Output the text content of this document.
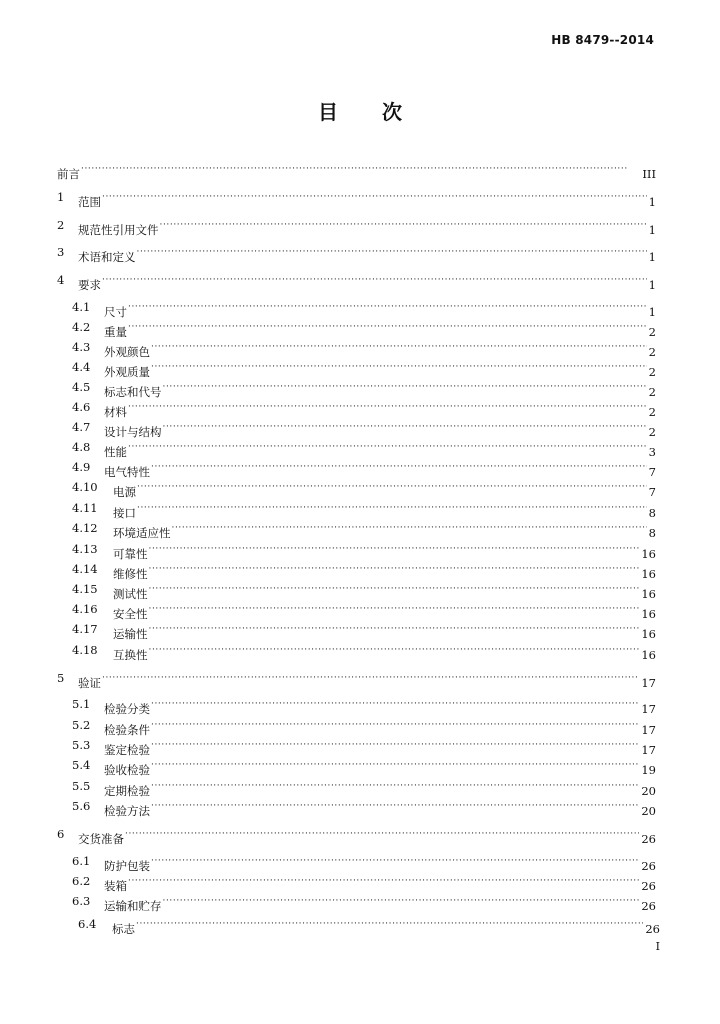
HB 8479--2014
目 次
前言 ·····	III
1 范围 ·····	1
2 规范性引用文件 ·····	1
3 术语和定义 ·····	1
4 要求 ·····	1
4.1 尺寸 ·····	1
4.2 重量 ·····	2
4.3 外观颜色 ·····	2
4.4 外观质量 ·····	2
4.5 标志和代号 ·····	2
4.6 材料 ·····	2
4.7 设计与结构 ·····	2
4.8 性能 ·····	3
4.9 电气特性 ·····	7
4.10 电源 ·····	7
4.11 接口 ·····	8
4.12 环境适应性 ·····	8
4.13 可靠性 ·····	16
4.14 维修性 ·····	16
4.15 测试性 ·····	16
4.16 安全性 ·····	16
4.17 运输性 ·····	16
4.18 互换性 ·····	16
5 验证 ·····	17
5.1 检验分类 ·····	17
5.2 检验条件 ·····	17
5.3 鉴定检验 ·····	17
5.4 验收检验 ·····	19
5.5 定期检验 ·····	20
5.6 检验方法 ·····	20
6 交货准备 ·····	26
6.1 防护包装 ·····	26
6.2 装箱 ·····	26
6.3 运输和贮存 ·····	26
6.4 标志 ·····	26
I
